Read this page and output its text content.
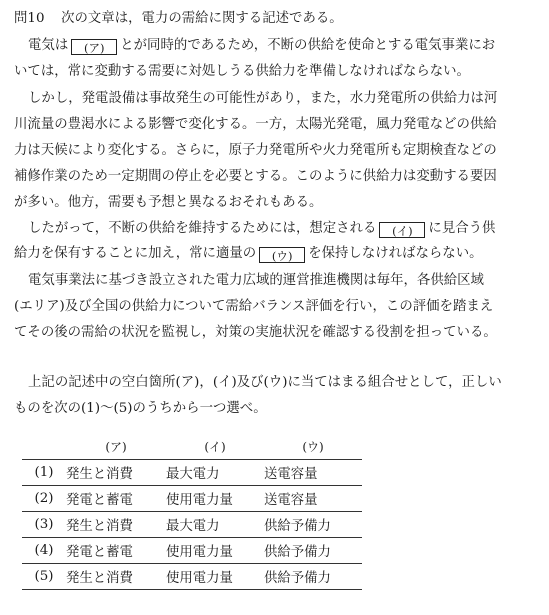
問10 次の文章は，電力の需給に関する記述である。
電気は (ア) とが同時的であるため，不断の供給を使命とする電気事業にお
いては，常に変動する需要に対処しうる供給力を準備しなければならない。
しかし，発電設備は事故発生の可能性があり，また，水力発電所の供給力は河
川流量の豊渇水による影響で変化する。一方，太陽光発電，風力発電などの供給
力は天候により変化する。さらに，原子力発電所や火力発電所も定期検査などの
補修作業のため一定期間の停止を必要とする。このように供給力は変動する要因
が多い。他方，需要も予想と異なるおそれもある。
したがって，不断の供給を維持するためには，想定される (イ) に見合う供
給力を保有することに加え，常に適量の (ウ) を保持しなければならない。
電気事業法に基づき設立された電力広域的運営推進機関は毎年，各供給区域
(エリア)及び全国の供給力について需給バランス評価を行い，この評価を踏まえ
てその後の需給の状況を監視し，対策の実施状況を確認する役割を担っている。
上記の記述中の空白箇所(ア)，(イ)及び(ウ)に当てはまる組合せとして，正しい
ものを次の(1)～(5)のうちから一つ選べ。
	(ア)	(イ)	(ウ)
(1)	発生と消費	最大電力	送電容量
(2)	発電と蓄電	使用電力量	送電容量
(3)	発生と消費	最大電力	供給予備力
(4)	発電と蓄電	使用電力量	供給予備力
(5)	発生と消費	使用電力量	供給予備力
